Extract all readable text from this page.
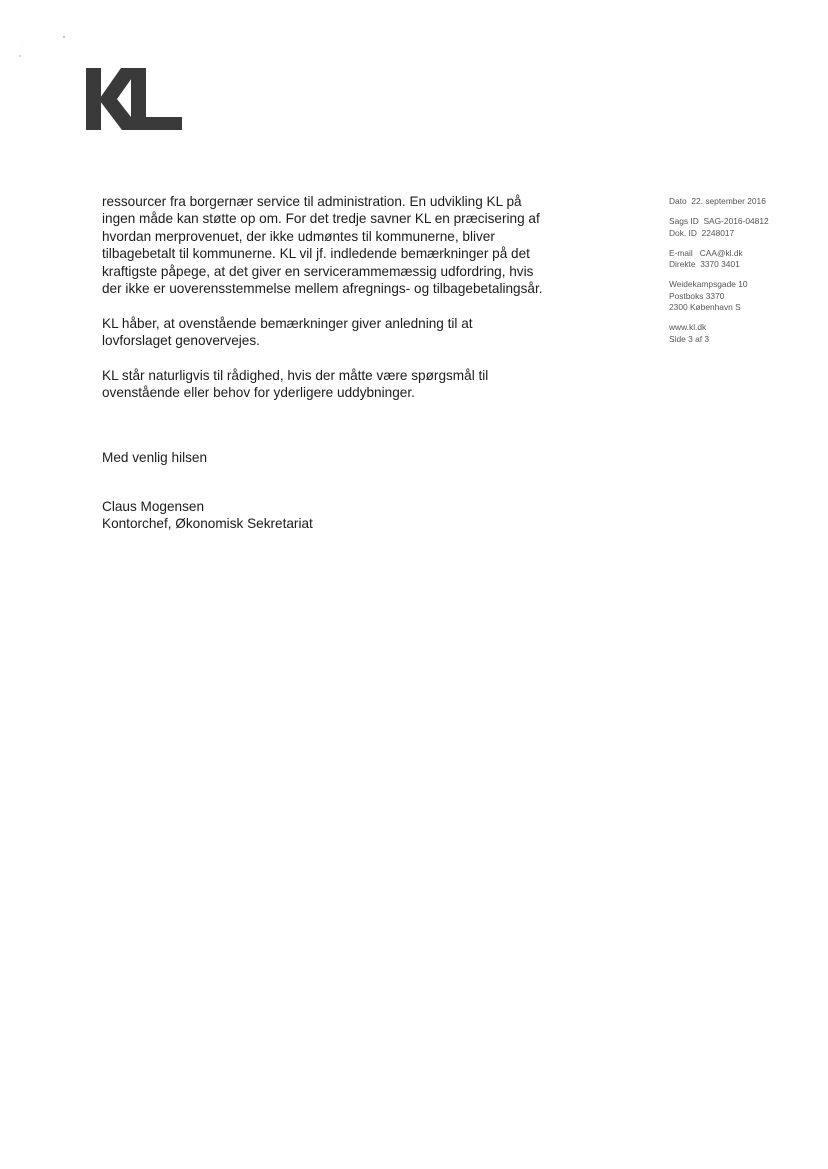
ressourcer fra borgernær service til administration. En udvikling KL på
ingen måde kan støtte op om. For det tredje savner KL en præcisering af
hvordan merprovenuet, der ikke udmøntes til kommunerne, bliver
tilbagebetalt til kommunerne. KL vil jf. indledende bemærkninger på det
kraftigste påpege, at det giver en servicerammemæssig udfordring, hvis
der ikke er uoverensstemmelse mellem afregnings- og tilbagebetalingsår.

KL håber, at ovenstående bemærkninger giver anledning til at
lovforslaget genovervejes.

KL står naturligvis til rådighed, hvis der måtte være spørgsmål til
ovenstående eller behov for yderligere uddybninger.

Med venlig hilsen
Claus Mogensen
Kontorchef, Økonomisk Sekretariat
Dato 22. september 2016
Sags ID SAG-2016-04812
Dok. ID 2248017
E-mail CAA@kl.dk
Direkte 3370 3401
Weidekampsgade 10
Postboks 3370
2300 København S
www.kl.dk
Side 3 af 3
